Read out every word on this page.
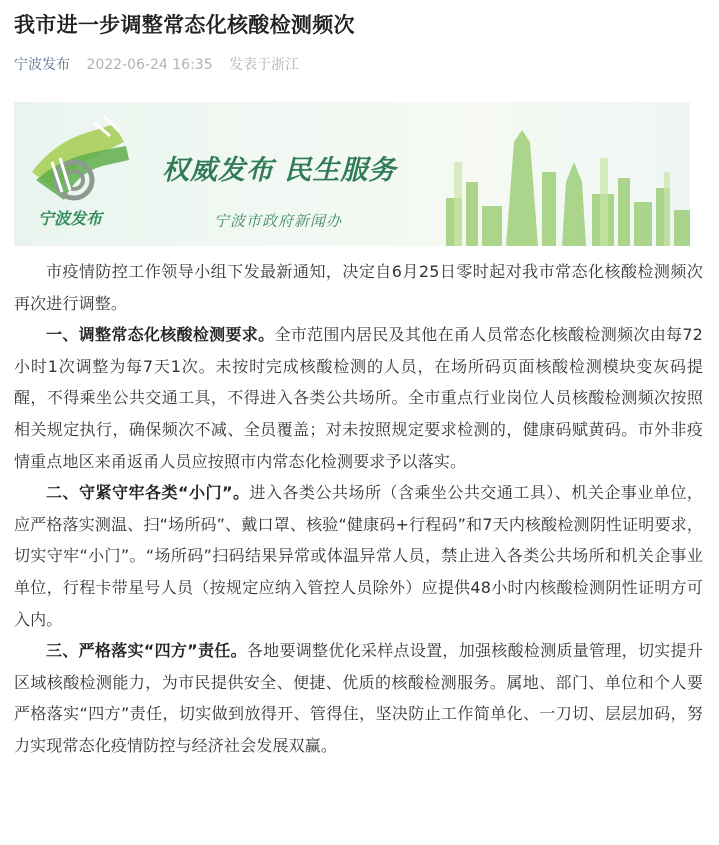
我市进一步调整常态化核酸检测频次
宁波发布 2022-06-24 16:35 发表于浙江
权威发布 民生服务
宁波发布	宁波市政府新闻办

市疫情防控工作领导小组下发最新通知，决定自6月25日零时起对我市常态化核酸检测频次再次进行调整。

一、调整常态化核酸检测要求。全市范围内居民及其他在甬人员常态化核酸检测频次由每72小时1次调整为每7天1次。未按时完成核酸检测的人员，在场所码页面核酸检测模块变灰码提醒，不得乘坐公共交通工具，不得进入各类公共场所。全市重点行业岗位人员核酸检测频次按照相关规定执行，确保频次不减、全员覆盖；对未按照规定要求检测的，健康码赋黄码。市外非疫情重点地区来甬返甬人员应按照市内常态化检测要求予以落实。

二、守紧守牢各类“小门”。进入各类公共场所（含乘坐公共交通工具）、机关企事业单位，应严格落实测温、扫“场所码”、戴口罩、核验“健康码+行程码”和7天内核酸检测阴性证明要求，切实守牢“小门”。“场所码”扫码结果异常或体温异常人员，禁止进入各类公共场所和机关企事业单位，行程卡带星号人员（按规定应纳入管控人员除外）应提供48小时内核酸检测阴性证明方可入内。

三、严格落实“四方”责任。各地要调整优化采样点设置，加强核酸检测质量管理，切实提升区域核酸检测能力，为市民提供安全、便捷、优质的核酸检测服务。属地、部门、单位和个人要严格落实“四方”责任，切实做到放得开、管得住，坚决防止工作简单化、一刀切、层层加码，努力实现常态化疫情防控与经济社会发展双赢。
